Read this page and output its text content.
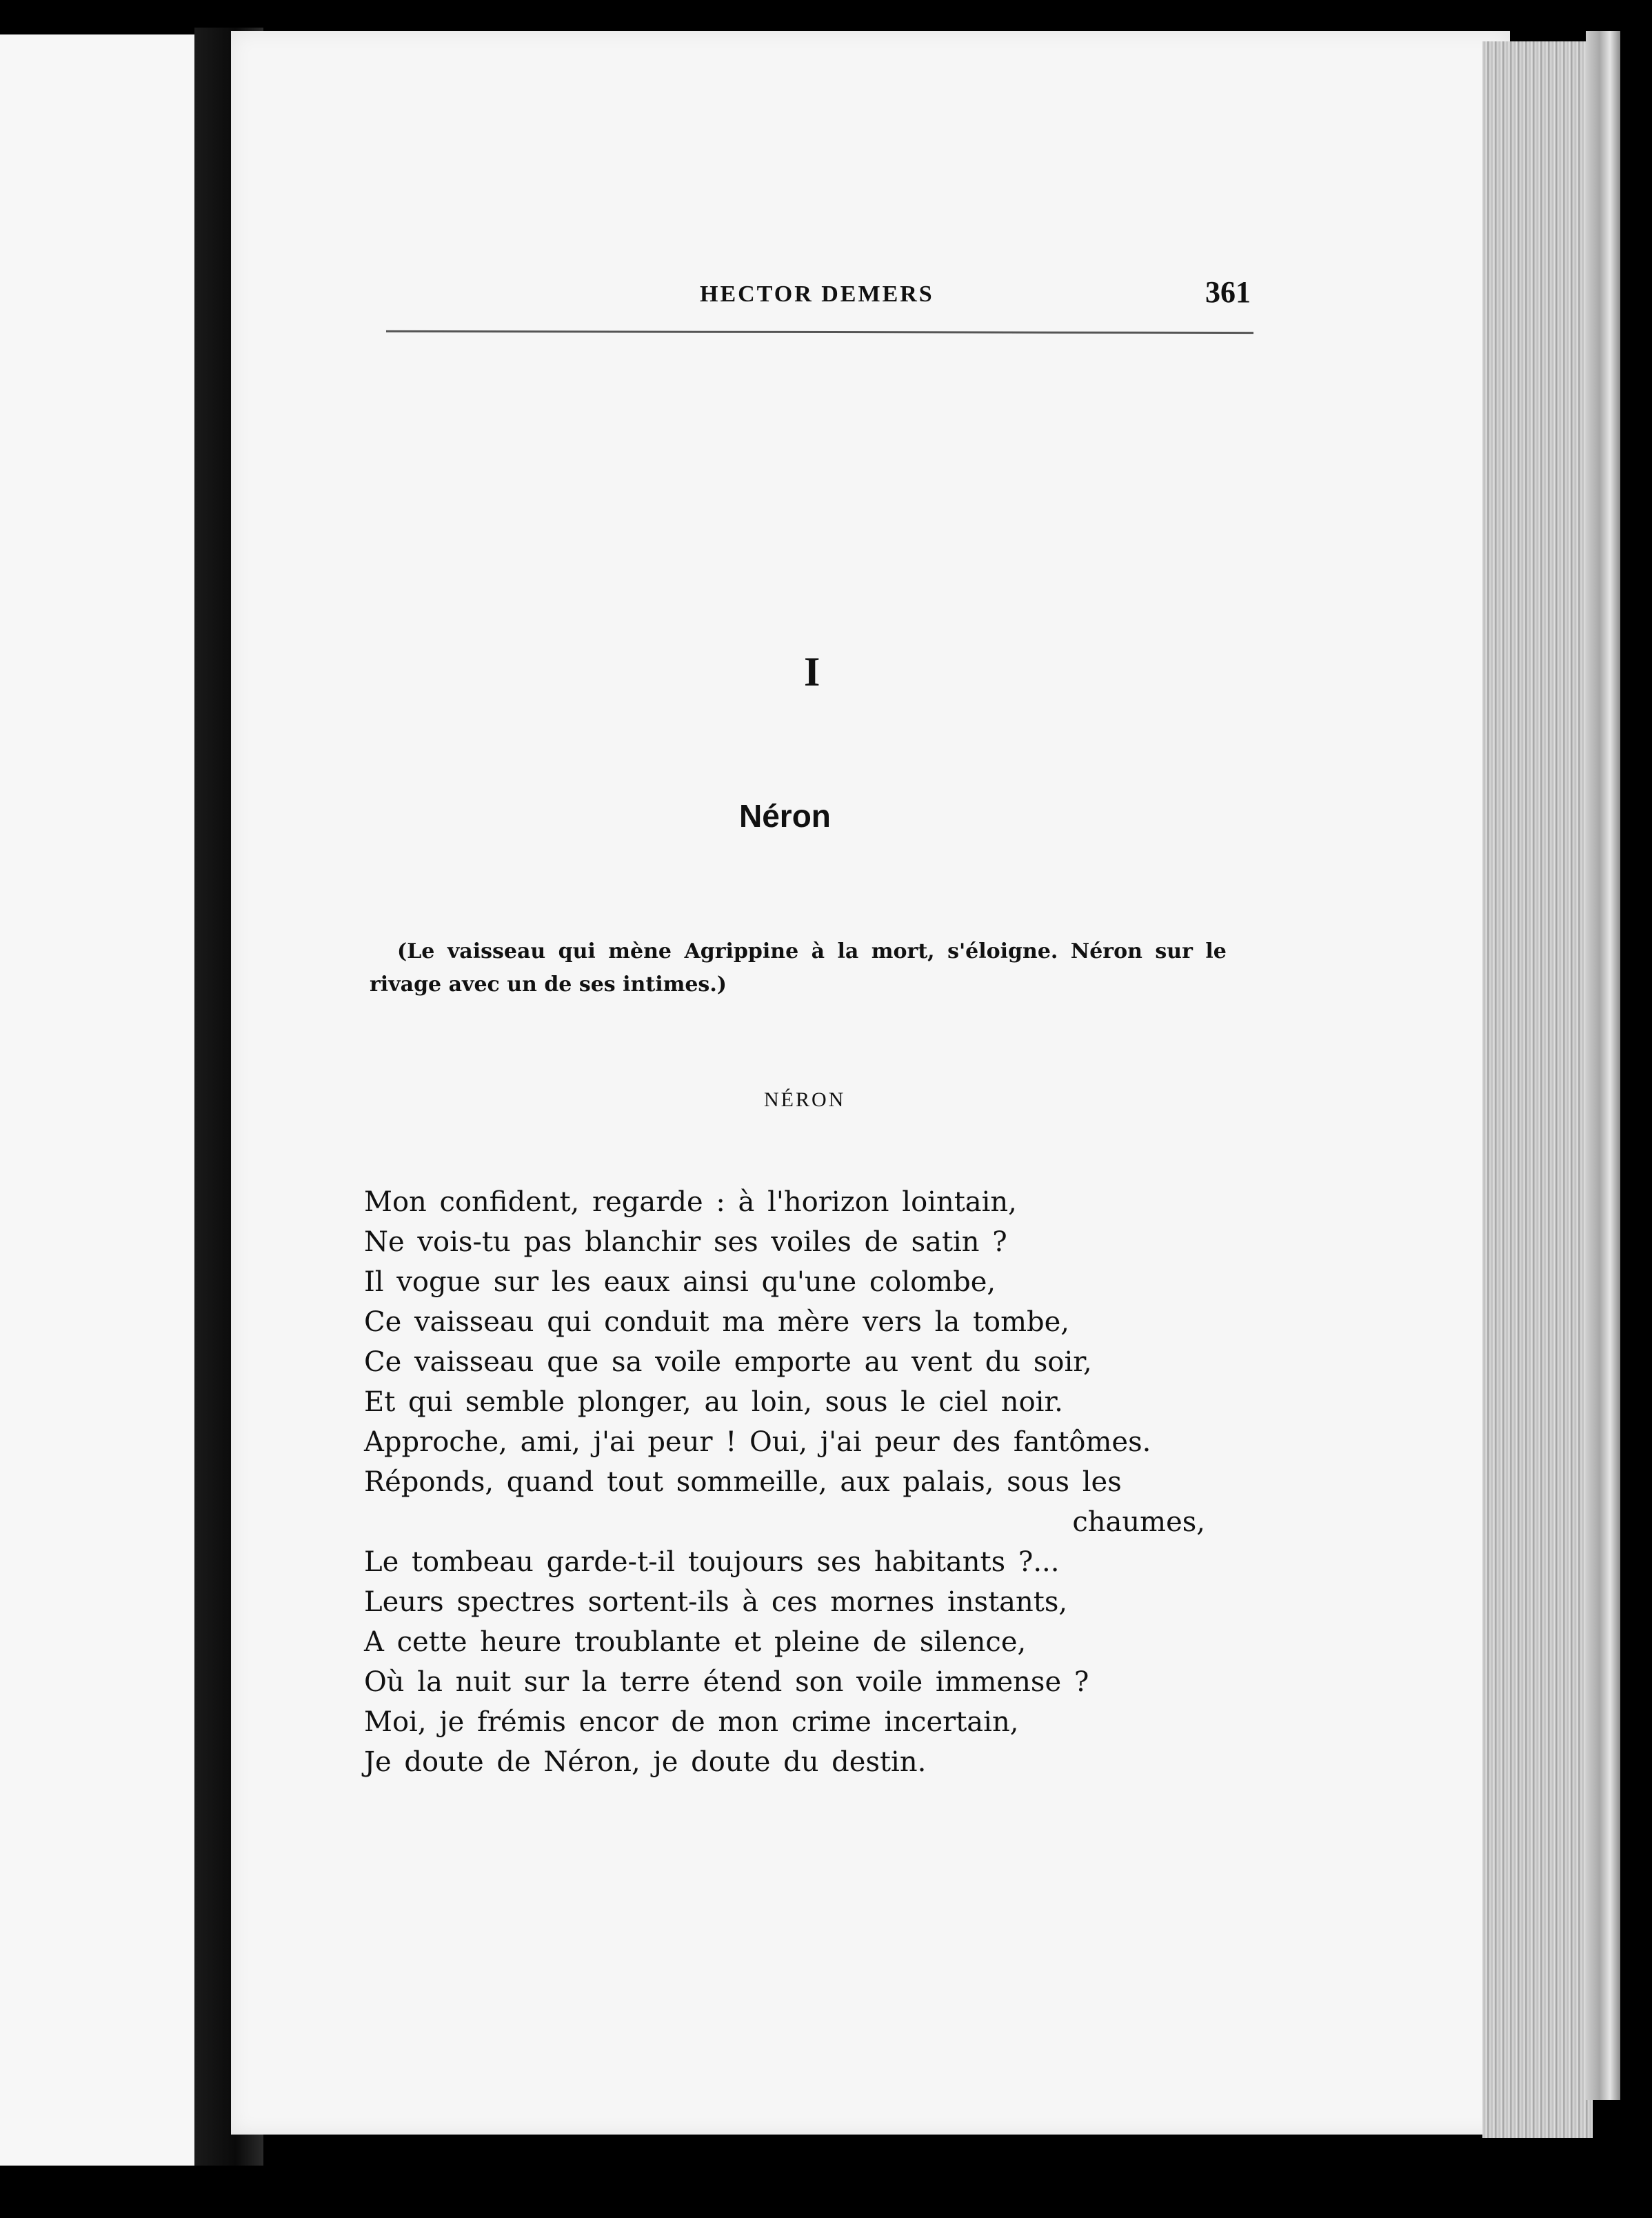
HECTOR DEMERS	361
I
Néron
(Le vaisseau qui mène Agrippine à la mort, s'éloigne. Néron sur le
rivage avec un de ses intimes.)
NÉRON
Mon confident, regarde : à l'horizon lointain,
Ne vois-tu pas blanchir ses voiles de satin ?
Il vogue sur les eaux ainsi qu'une colombe,
Ce vaisseau qui conduit ma mère vers la tombe,
Ce vaisseau que sa voile emporte au vent du soir,
Et qui semble plonger, au loin, sous le ciel noir.
Approche, ami, j'ai peur ! Oui, j'ai peur des fantômes.
Réponds, quand tout sommeille, aux palais, sous les
chaumes,
Le tombeau garde-t-il toujours ses habitants ?...
Leurs spectres sortent-ils à ces mornes instants,
A cette heure troublante et pleine de silence,
Où la nuit sur la terre étend son voile immense ?
Moi, je frémis encor de mon crime incertain,
Je doute de Néron, je doute du destin.
